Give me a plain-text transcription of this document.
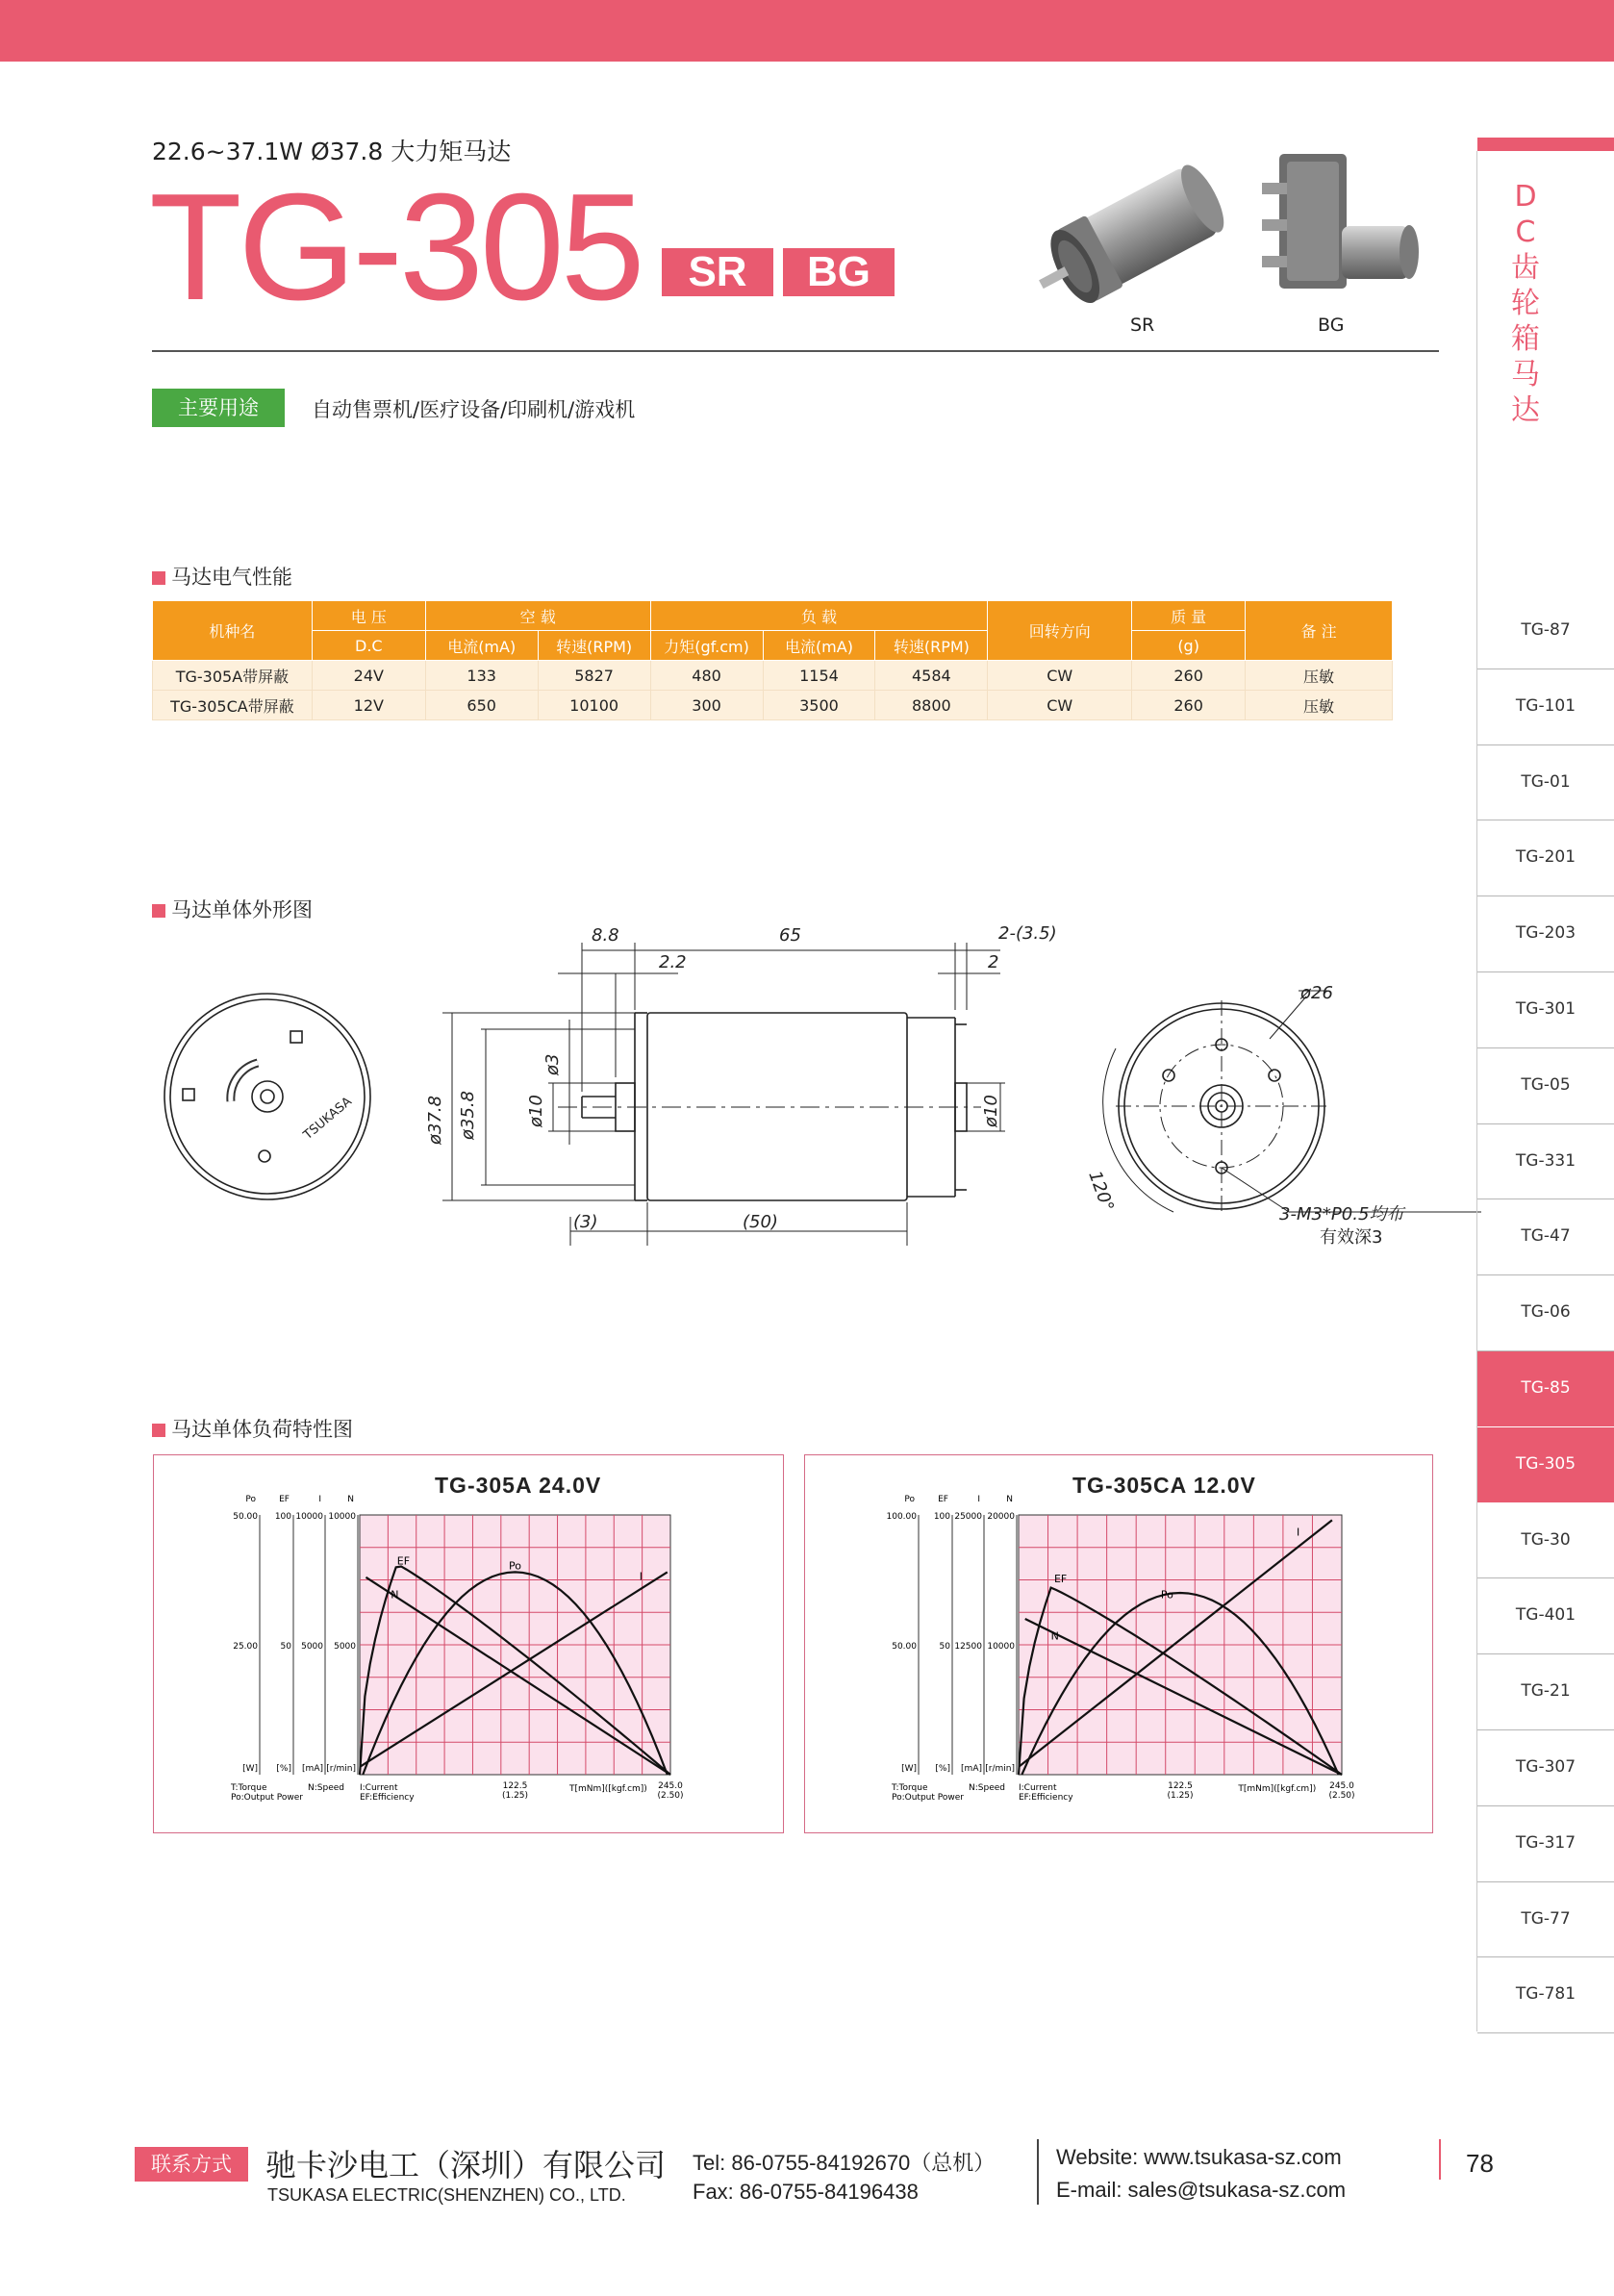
22.6~37.1W Ø37.8 大力矩马达
TG-305	SR	BG
SR	BG
主要用途	自动售票机/医疗设备/印刷机/游戏机
马达电气性能
机种名	电 压	空 载		负 载			回转方向	质 量	备 注
	D.C	电流(mA)	转速(RPM)	力矩(gf.cm)	电流(mA)	转速(RPM)		(g)	
TG-305A带屏蔽	24V	133	5827	480	1154	4584	CW	260	压敏
TG-305CA带屏蔽	12V	650	10100	300	3500	8800	CW	260	压敏
马达单体外形图
TSUKASA
8.8	65	2-(3.5)
2.2	2
ø37.8 ø35.8	ø10
ø3
ø10
(3)	(50)
ø26
120°
3-M3*P0.5均布
有效深3
马达单体负荷特性图
TG-305A 24.0V
Po
50.00
25.00
[W]
EF
100
50
[%]
I
10000
5000
[mA]
N
10000
5000
[r/min]
EF
N
Po
I
T:Torque
Po:Output Power
N:Speed I:Current
EF:Efficiency
122.5
(1.25)
T[mNm]([kgf.cm]) 245.0
(2.50)
TG-305CA 12.0V
Po
100.00
50.00
[W]
EF
100
50
[%]
I
25000
12500
[mA]
N
20000
10000
[r/min]
EF
N
Po
I
T:Torque
Po:Output Power
N:Speed I:Current
EF:Efficiency
122.5
(1.25)
T[mNm]([kgf.cm]) 245.0
(2.50)
D
C
齿
轮
箱
马
达
TG-87
TG-101
TG-01
TG-201
TG-203
TG-301
TG-05
TG-331
TG-47
TG-06
TG-85
TG-305
TG-30
TG-401
TG-21
TG-307
TG-317
TG-77
TG-781
联系方式	驰卡沙电工（深圳）有限公司
TSUKASA ELECTRIC(SHENZHEN) CO., LTD.
Tel: 86-0755-84192670（总机）
Fax: 86-0755-84196438
Website: www.tsukasa-sz.com
E-mail: sales@tsukasa-sz.com
78
